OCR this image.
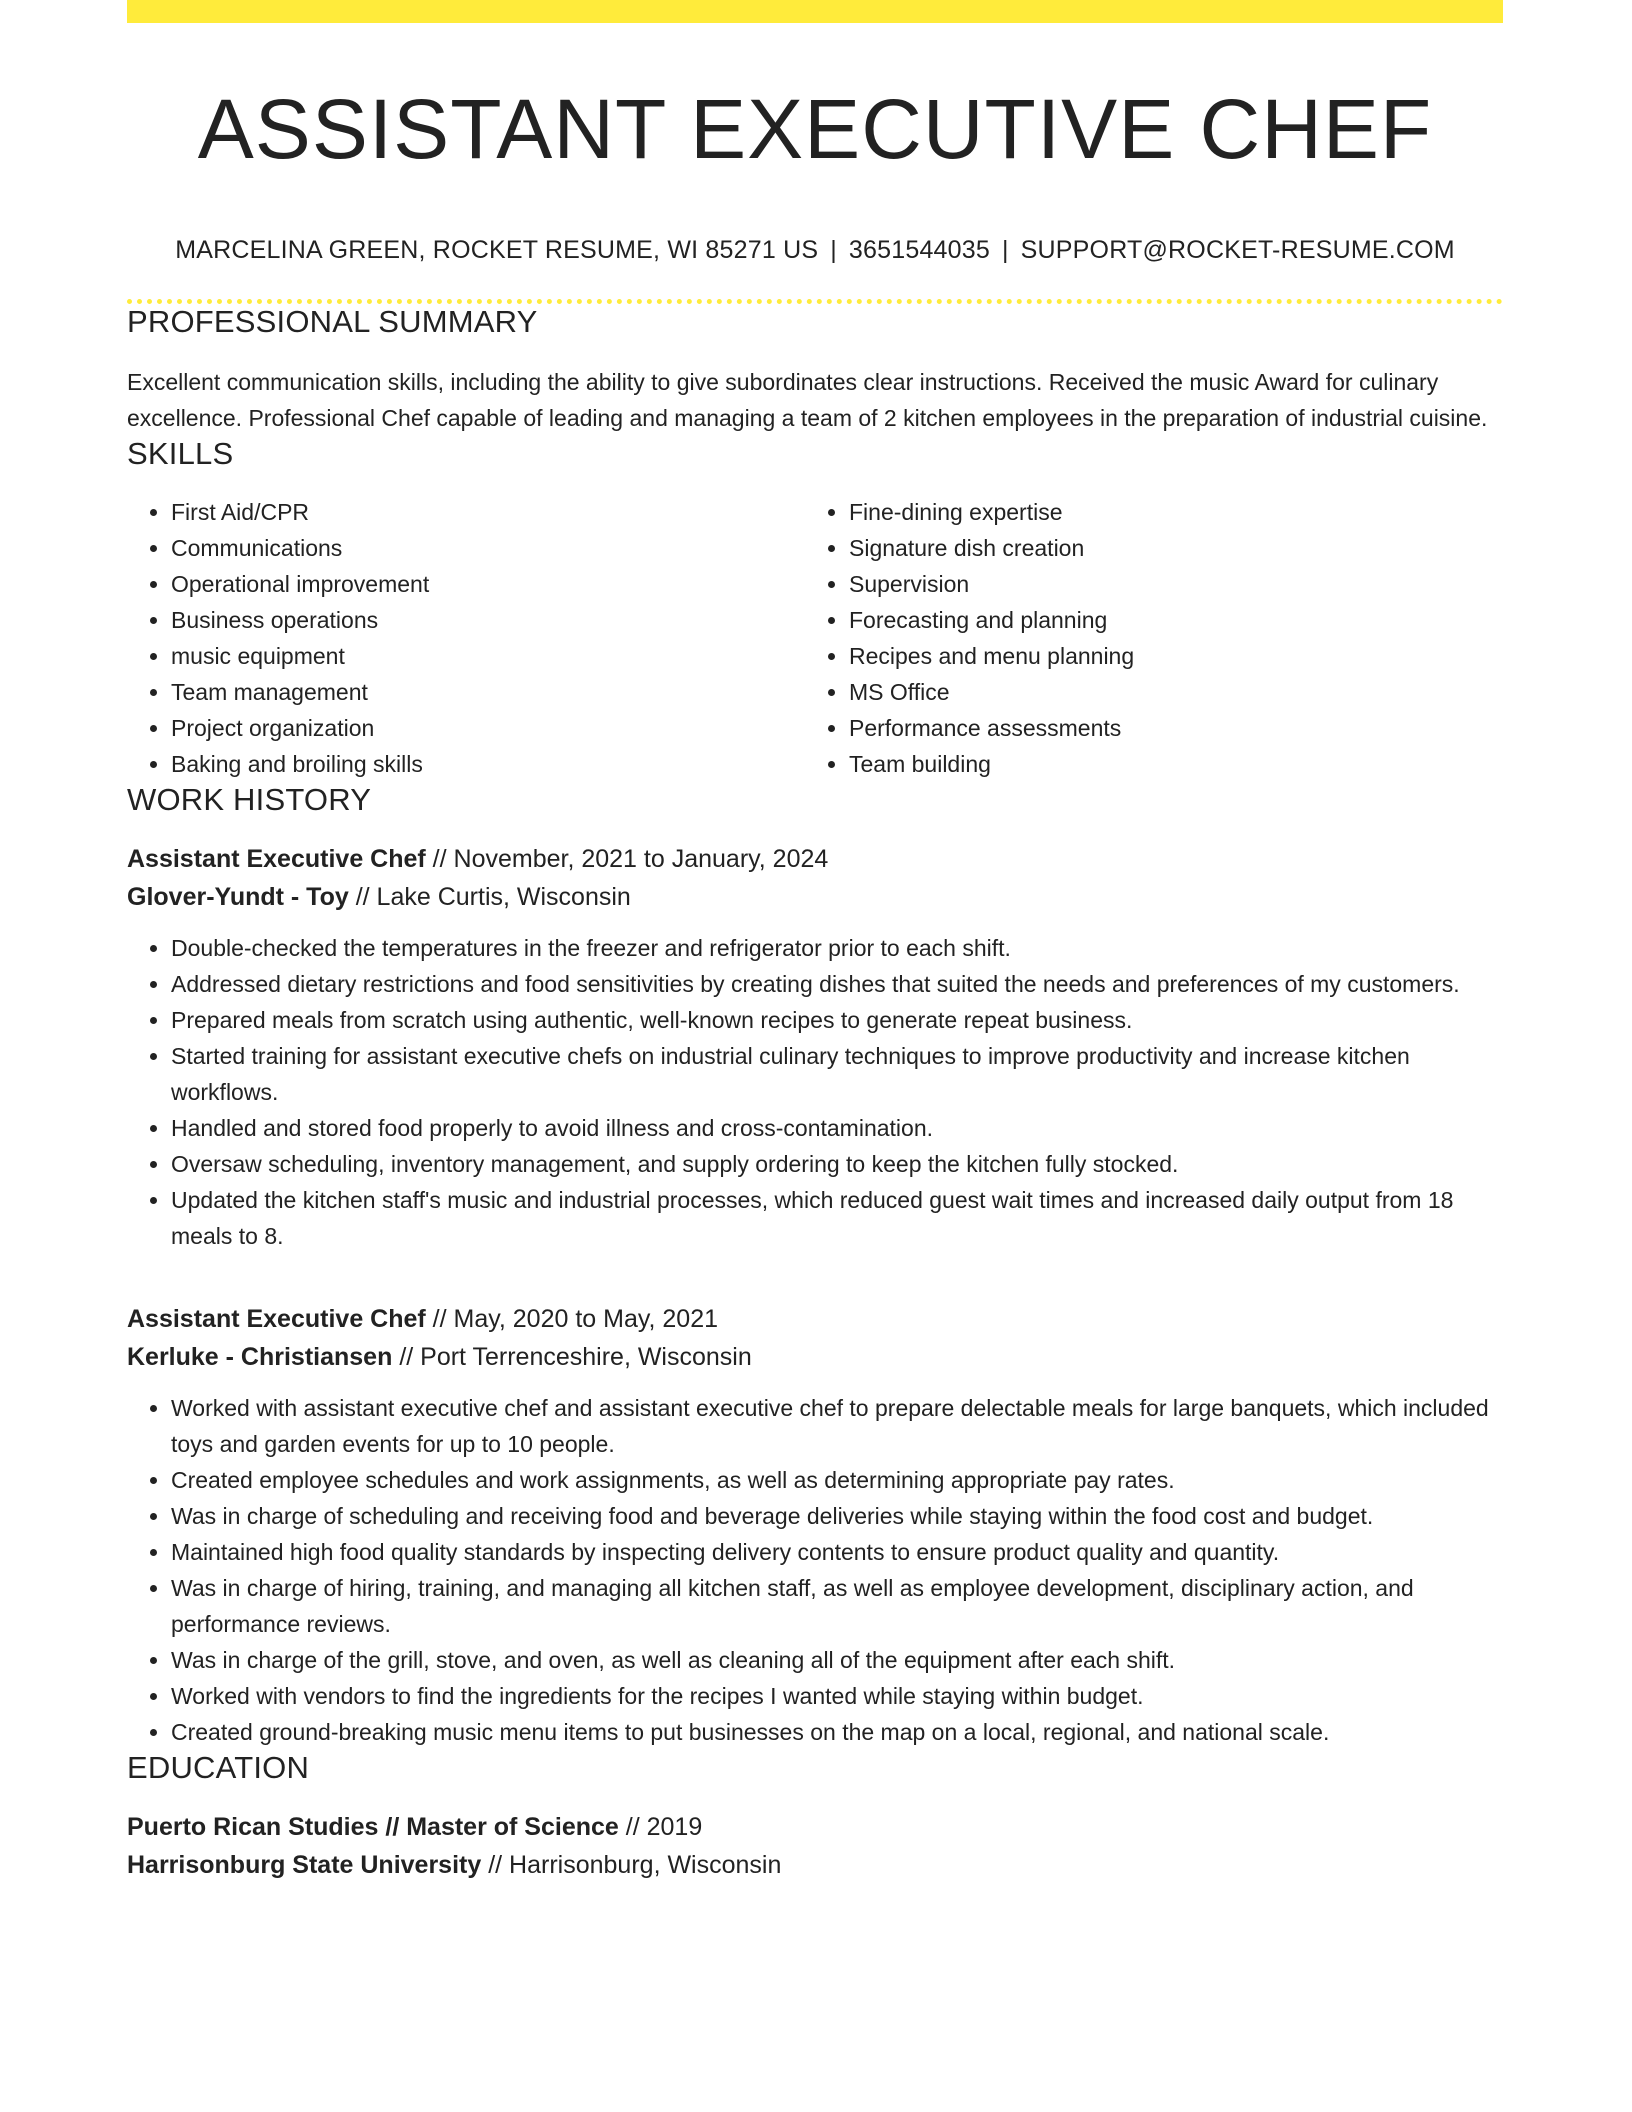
ASSISTANT EXECUTIVE CHEF
MARCELINA GREEN, ROCKET RESUME, WI 85271 US | 3651544035 | SUPPORT@ROCKET-RESUME.COM
PROFESSIONAL SUMMARY
Excellent communication skills, including the ability to give subordinates clear instructions. Received the music Award for culinary excellence. Professional Chef capable of leading and managing a team of 2 kitchen employees in the preparation of industrial cuisine.
SKILLS
• First Aid/CPR
• Communications
• Operational improvement
• Business operations
• music equipment
• Team management
• Project organization
• Baking and broiling skills
• Fine-dining expertise
• Signature dish creation
• Supervision
• Forecasting and planning
• Recipes and menu planning
• MS Office
• Performance assessments
• Team building
WORK HISTORY
Assistant Executive Chef // November, 2021 to January, 2024
Glover-Yundt - Toy // Lake Curtis, Wisconsin
• Double-checked the temperatures in the freezer and refrigerator prior to each shift.
• Addressed dietary restrictions and food sensitivities by creating dishes that suited the needs and preferences of my customers.
• Prepared meals from scratch using authentic, well-known recipes to generate repeat business.
• Started training for assistant executive chefs on industrial culinary techniques to improve productivity and increase kitchen workflows.
• Handled and stored food properly to avoid illness and cross-contamination.
• Oversaw scheduling, inventory management, and supply ordering to keep the kitchen fully stocked.
• Updated the kitchen staff's music and industrial processes, which reduced guest wait times and increased daily output from 18 meals to 8.
Assistant Executive Chef // May, 2020 to May, 2021
Kerluke - Christiansen // Port Terrenceshire, Wisconsin
• Worked with assistant executive chef and assistant executive chef to prepare delectable meals for large banquets, which included toys and garden events for up to 10 people.
• Created employee schedules and work assignments, as well as determining appropriate pay rates.
• Was in charge of scheduling and receiving food and beverage deliveries while staying within the food cost and budget.
• Maintained high food quality standards by inspecting delivery contents to ensure product quality and quantity.
• Was in charge of hiring, training, and managing all kitchen staff, as well as employee development, disciplinary action, and performance reviews.
• Was in charge of the grill, stove, and oven, as well as cleaning all of the equipment after each shift.
• Worked with vendors to find the ingredients for the recipes I wanted while staying within budget.
• Created ground-breaking music menu items to put businesses on the map on a local, regional, and national scale.
EDUCATION
Puerto Rican Studies // Master of Science // 2019
Harrisonburg State University // Harrisonburg, Wisconsin
